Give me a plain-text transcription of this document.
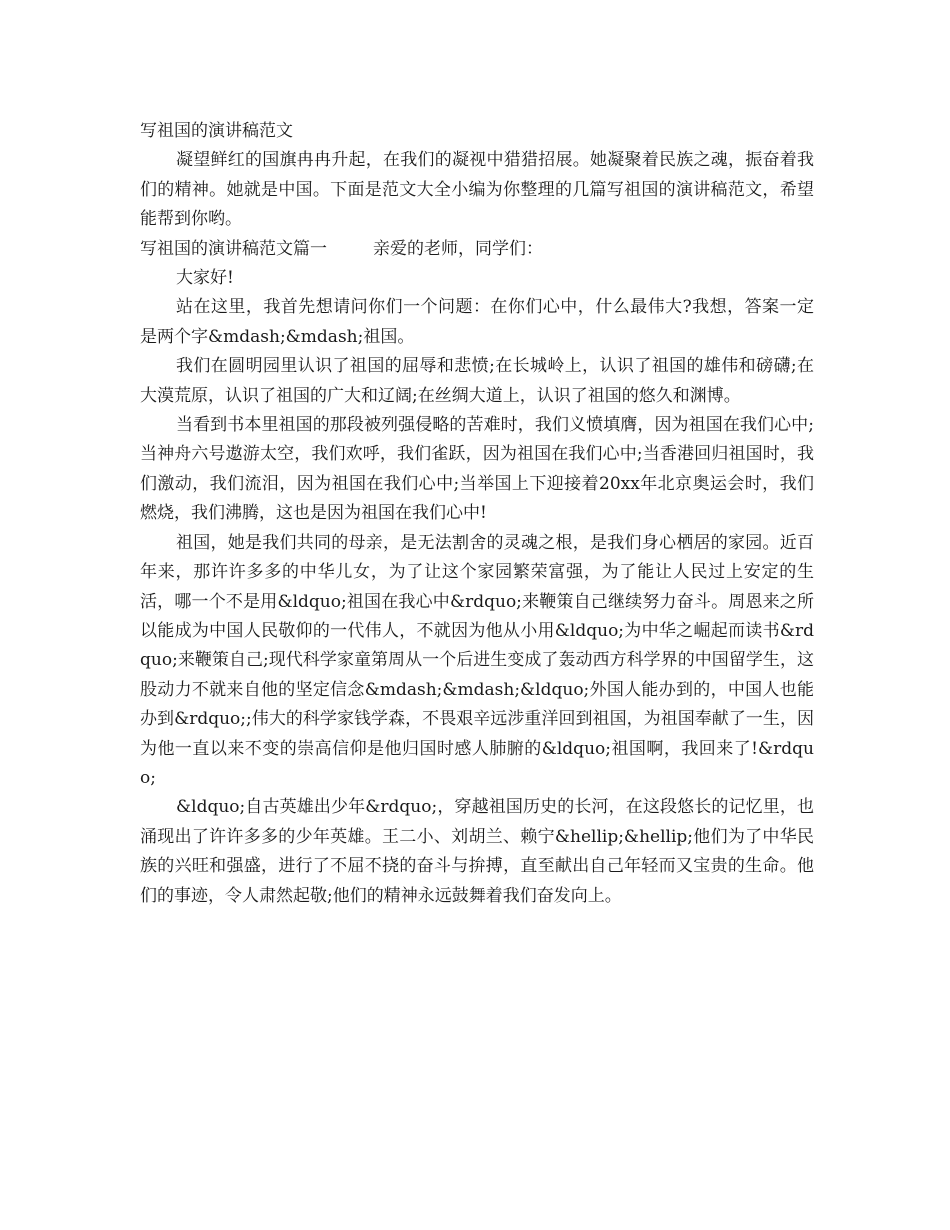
写祖国的演讲稿范文
凝望鲜红的国旗冉冉升起，在我们的凝视中猎猎招展。她凝聚着民族之魂，振奋着我们的精神。她就是中国。下面是范文大全小编为你整理的几篇写祖国的演讲稿范文，希望能帮到你哟。
写祖国的演讲稿范文篇一	亲爱的老师，同学们：
大家好!
站在这里，我首先想请问你们一个问题：在你们心中，什么最伟大?我想，答案一定是两个字&mdash;&mdash;祖国。
我们在圆明园里认识了祖国的屈辱和悲愤;在长城岭上，认识了祖国的雄伟和磅礴;在大漠荒原，认识了祖国的广大和辽阔;在丝绸大道上，认识了祖国的悠久和渊博。
当看到书本里祖国的那段被列强侵略的苦难时，我们义愤填膺，因为祖国在我们心中;当神舟六号遨游太空，我们欢呼，我们雀跃，因为祖国在我们心中;当香港回归祖国时，我们激动，我们流泪，因为祖国在我们心中;当举国上下迎接着20xx年北京奥运会时，我们燃烧，我们沸腾，这也是因为祖国在我们心中!
祖国，她是我们共同的母亲，是无法割舍的灵魂之根，是我们身心栖居的家园。近百年来，那许许多多的中华儿女，为了让这个家园繁荣富强，为了能让人民过上安定的生活，哪一个不是用&ldquo;祖国在我心中&rdquo;来鞭策自己继续努力奋斗。周恩来之所以能成为中国人民敬仰的一代伟人，不就因为他从小用&ldquo;为中华之崛起而读书&rdquo;来鞭策自己;现代科学家童第周从一个后进生变成了轰动西方科学界的中国留学生，这股动力不就来自他的坚定信念&mdash;&mdash;&ldquo;外国人能办到的，中国人也能办到&rdquo;;伟大的科学家钱学森，不畏艰辛远涉重洋回到祖国，为祖国奉献了一生，因为他一直以来不变的崇高信仰是他归国时感人肺腑的&ldquo;祖国啊，我回来了!&rdquo;
&ldquo;自古英雄出少年&rdquo;，穿越祖国历史的长河，在这段悠长的记忆里，也涌现出了许许多多的少年英雄。王二小、刘胡兰、赖宁&hellip;&hellip;他们为了中华民族的兴旺和强盛，进行了不屈不挠的奋斗与拚搏，直至献出自己年轻而又宝贵的生命。他们的事迹，令人肃然起敬;他们的精神永远鼓舞着我们奋发向上。
